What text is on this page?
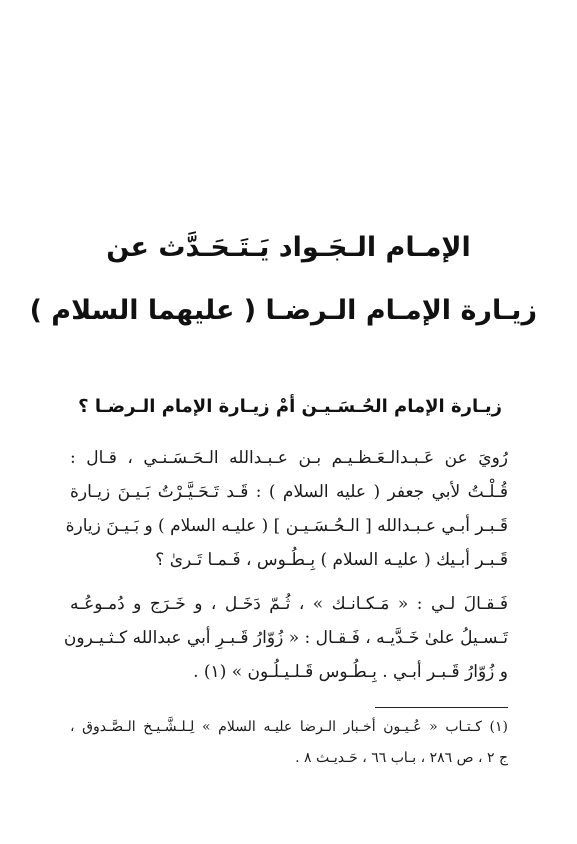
الإمـام الـجَـواد يَـتَـحَـدَّث عن
زيـارة الإمـام الـرضـا ( عليهما السلام )
زيـارة الإمام الحُـسَـيـن أمْ زيـارة الإمام الـرضـا ؟
رُويَ عن عَـبـدالـعَـظـيـم بـن عـبـدالله الـحَـسَـنـي ، قـال :
قُـلْـتُ لأبي جعفر ( عليه السلام ) : قَـد تَـحَـيَّـرْتُ بَـيـنَ زيـارة
قَـبـر أبـي عـبـدالله [ الـحُـسَـيـن ] ( عليـه السلام ) و بَـيـنَ زيارة
قَـبـر أبـيك ( عليـه السلام ) بِـطُـوس ، فَـمـا تَـرىٰ ؟
فَـقـالَ لـي : « مَـكـانـك » ، ثُـمّ دَخَـل ، و خَـرَج و دُمـوعُـه
تَـسـيلُ علىٰ خَـدَّيـه ، فَـقـال : « زُوّارُ قَـبـرِ أبي عبدالله كـثـيـرون
و زُوّارُ قَـبـر أبـي . بِـطُـوس قَـلـيـلُـون » (١) .
(١) كـتـاب « عُـيـون أخـبار الـرضا عليـه السلام » لِـلـشَّـيـخ الـصَّـدوق ،
ج ٢ ، ص ٢٨٦ ، بـاب ٦٦ ، حَـديـث ٨ .
